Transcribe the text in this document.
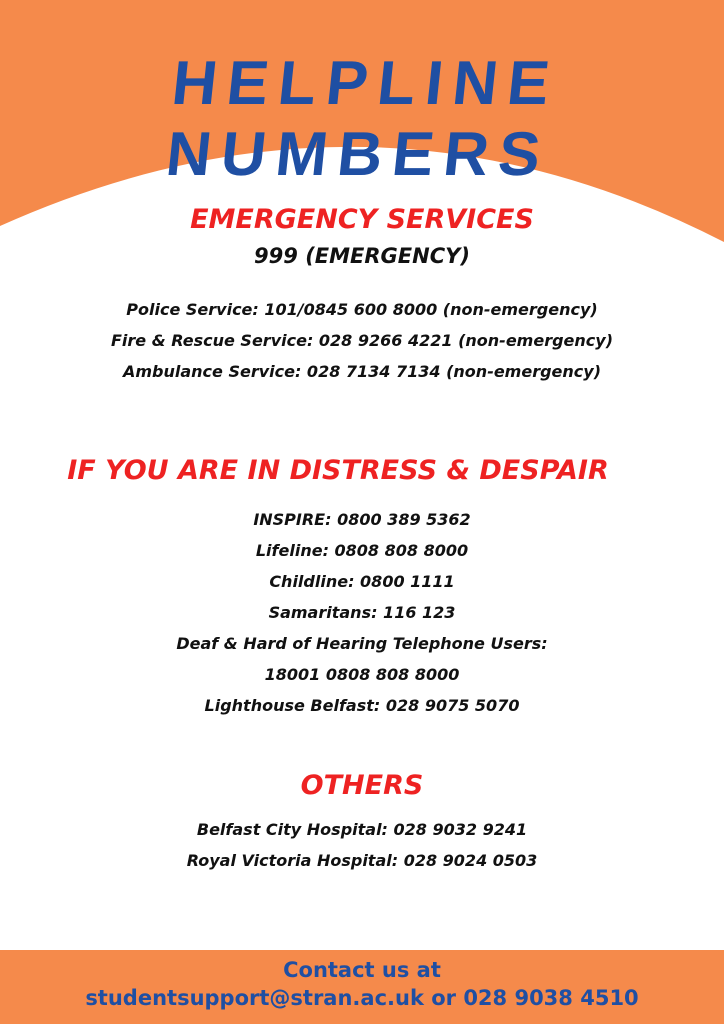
HELPLINE NUMBERS
EMERGENCY SERVICES
999 (EMERGENCY)
Police Service: 101/0845 600 8000 (non-emergency)
Fire & Rescue Service: 028 9266 4221 (non-emergency)
Ambulance Service: 028 7134 7134 (non-emergency)
IF YOU ARE IN DISTRESS & DESPAIR
INSPIRE: 0800 389 5362
Lifeline: 0808 808 8000
Childline: 0800 1111
Samaritans: 116 123
Deaf & Hard of Hearing Telephone Users:
18001 0808 808 8000
Lighthouse Belfast: 028 9075 5070
OTHERS
Belfast City Hospital: 028 9032 9241
Royal Victoria Hospital: 028 9024 0503
Contact us at
studentsupport@stran.ac.uk or 028 9038 4510
